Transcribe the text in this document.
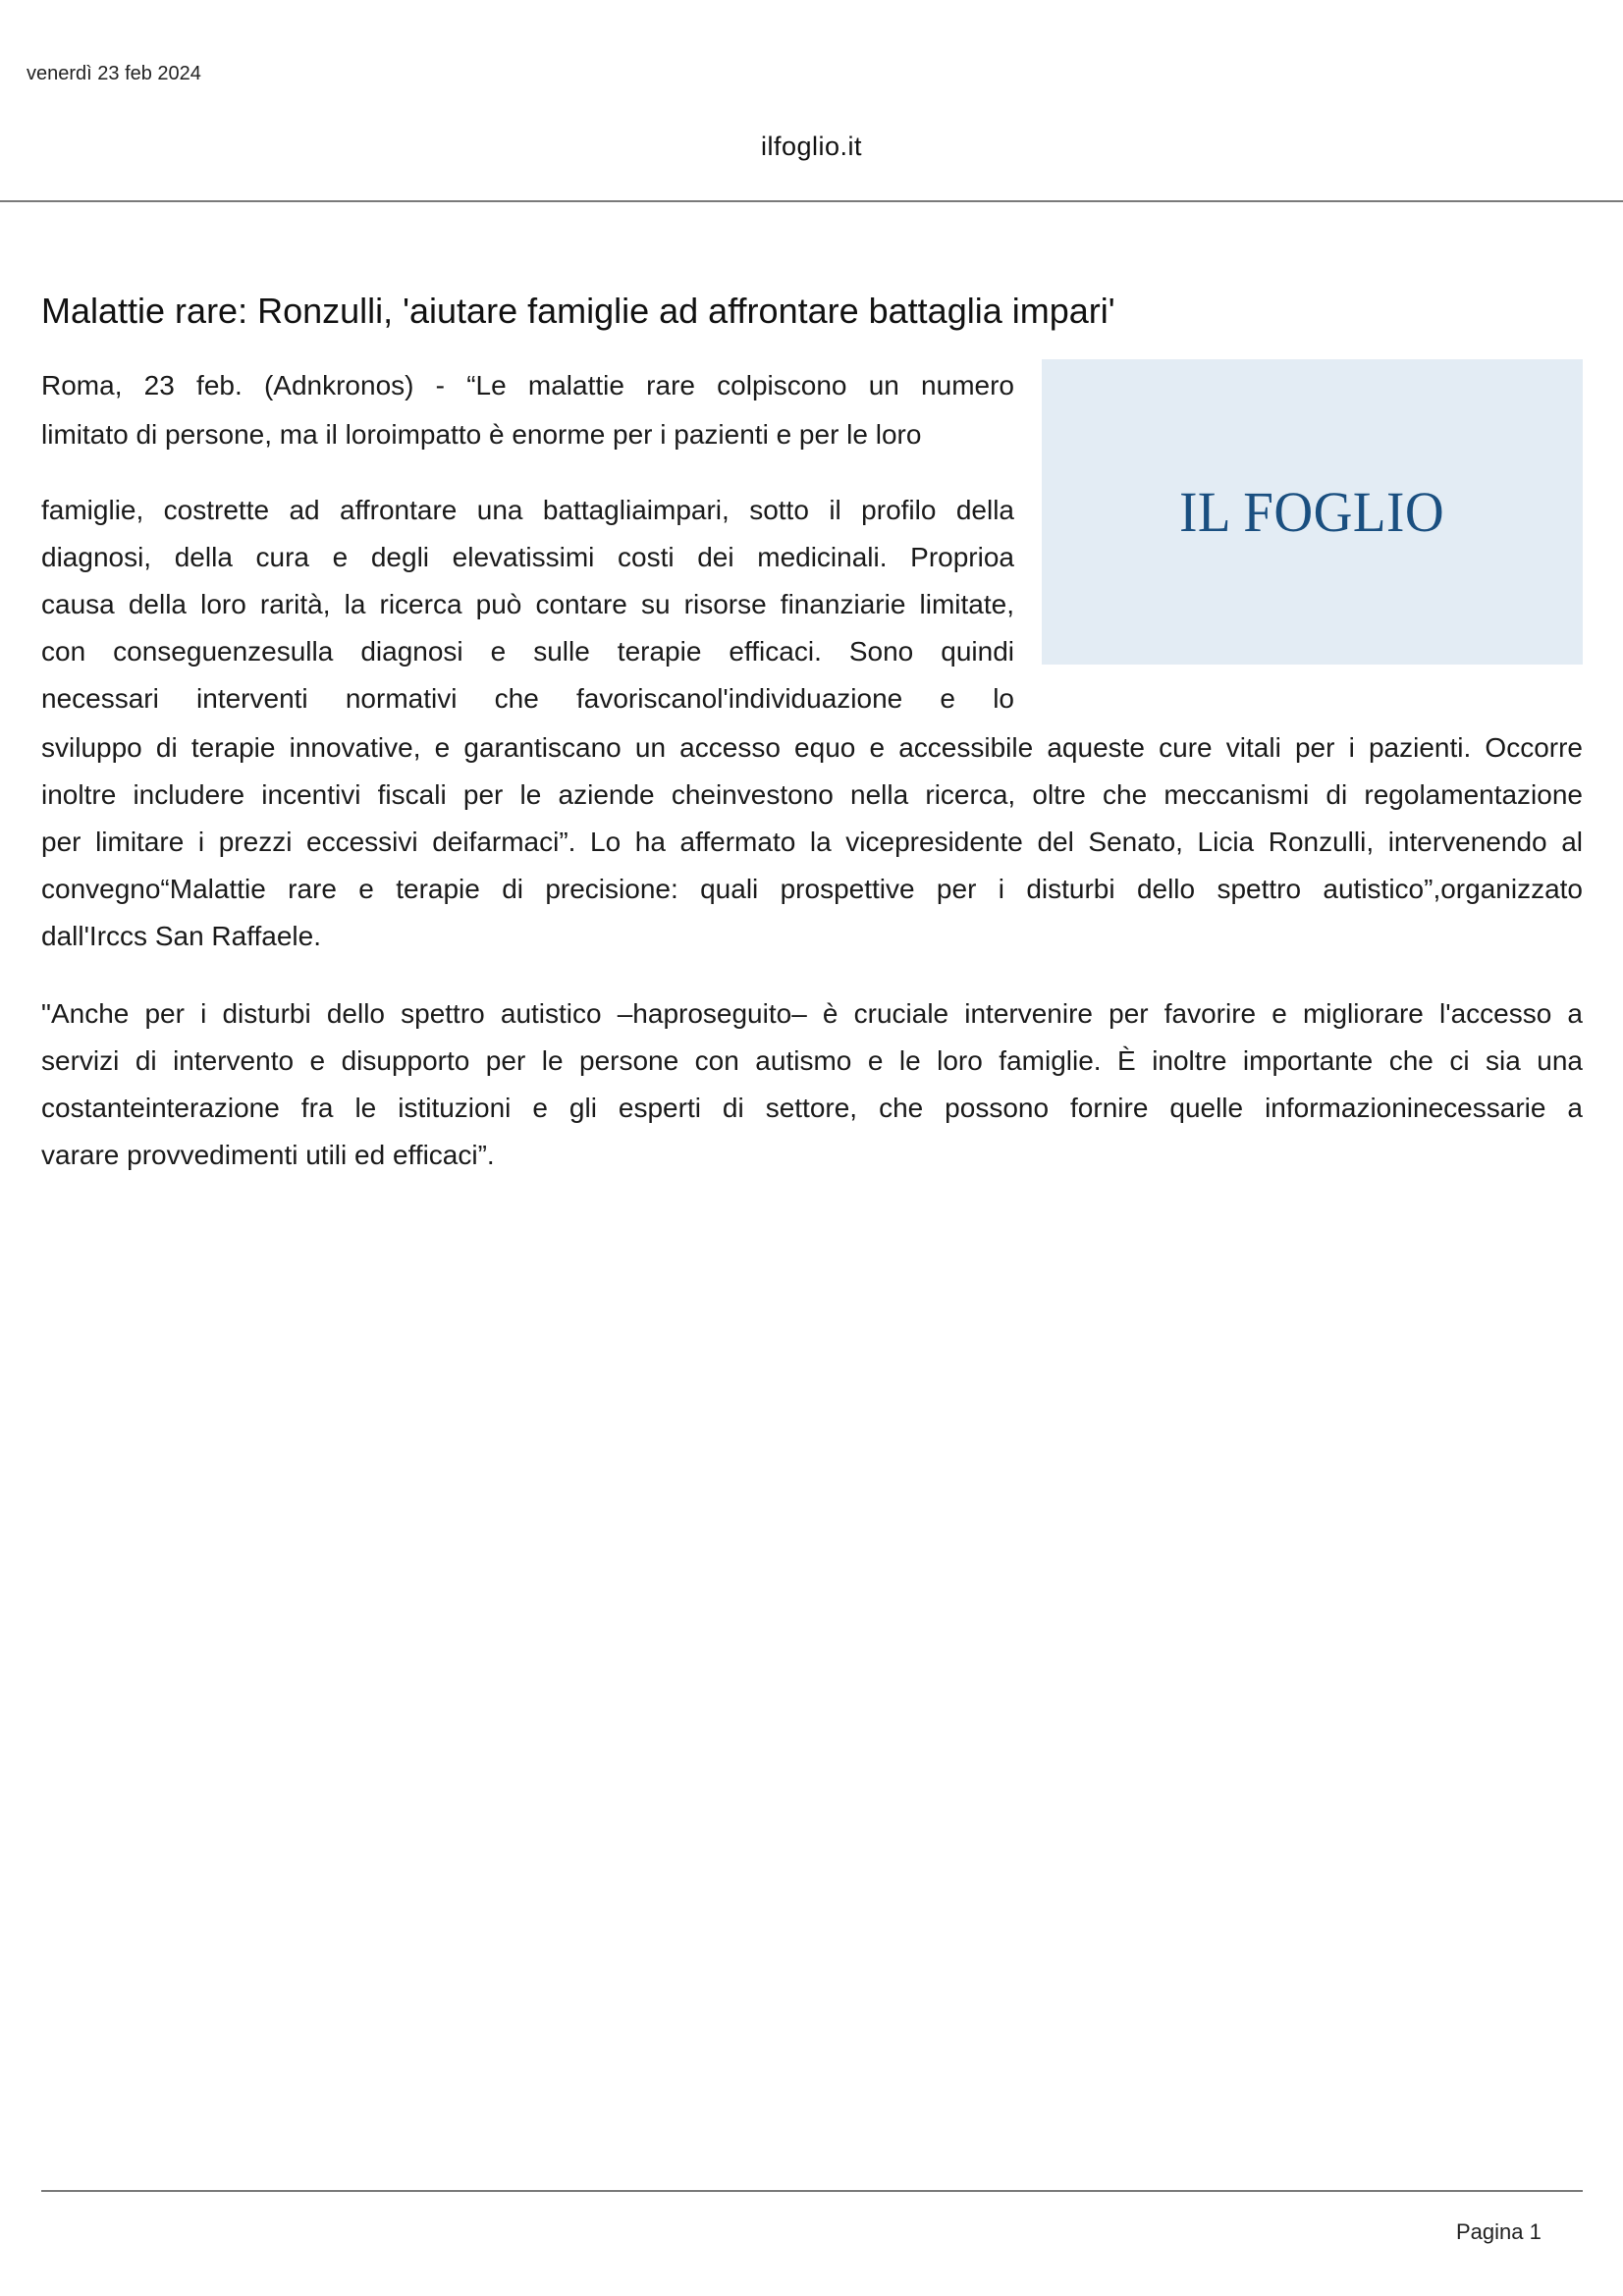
venerdì 23 feb 2024
ilfoglio.it
Malattie rare: Ronzulli, 'aiutare famiglie ad affrontare battaglia impari'
IL FOGLIO
Roma, 23 feb. (Adnkronos) - “Le malattie rare colpiscono un numero
limitato di persone, ma il loroimpatto è enorme per i pazienti e per le loro
famiglie, costrette ad affrontare una battagliaimpari, sotto il profilo della
diagnosi, della cura e degli elevatissimi costi dei medicinali. Proprioa
causa della loro rarità, la ricerca può contare su risorse finanziarie limitate,
con conseguenzesulla diagnosi e sulle terapie efficaci. Sono quindi
necessari interventi normativi che favoriscanol'individuazione e lo
sviluppo di terapie innovative, e garantiscano un accesso equo e accessibile aqueste cure vitali per i pazienti. Occorre
inoltre includere incentivi fiscali per le aziende cheinvestono nella ricerca, oltre che meccanismi di regolamentazione
per limitare i prezzi eccessivi deifarmaci”. Lo ha affermato la vicepresidente del Senato, Licia Ronzulli, intervenendo al
convegno“Malattie rare e terapie di precisione: quali prospettive per i disturbi dello spettro autistico”,organizzato
dall'Irccs San Raffaele.
"Anche per i disturbi dello spettro autistico –haproseguito– è cruciale intervenire per favorire e migliorare l'accesso a
servizi di intervento e disupporto per le persone con autismo e le loro famiglie. È inoltre importante che ci sia una
costanteinterazione fra le istituzioni e gli esperti di settore, che possono fornire quelle informazioninecessarie a
varare provvedimenti utili ed efficaci”.
Pagina 1
